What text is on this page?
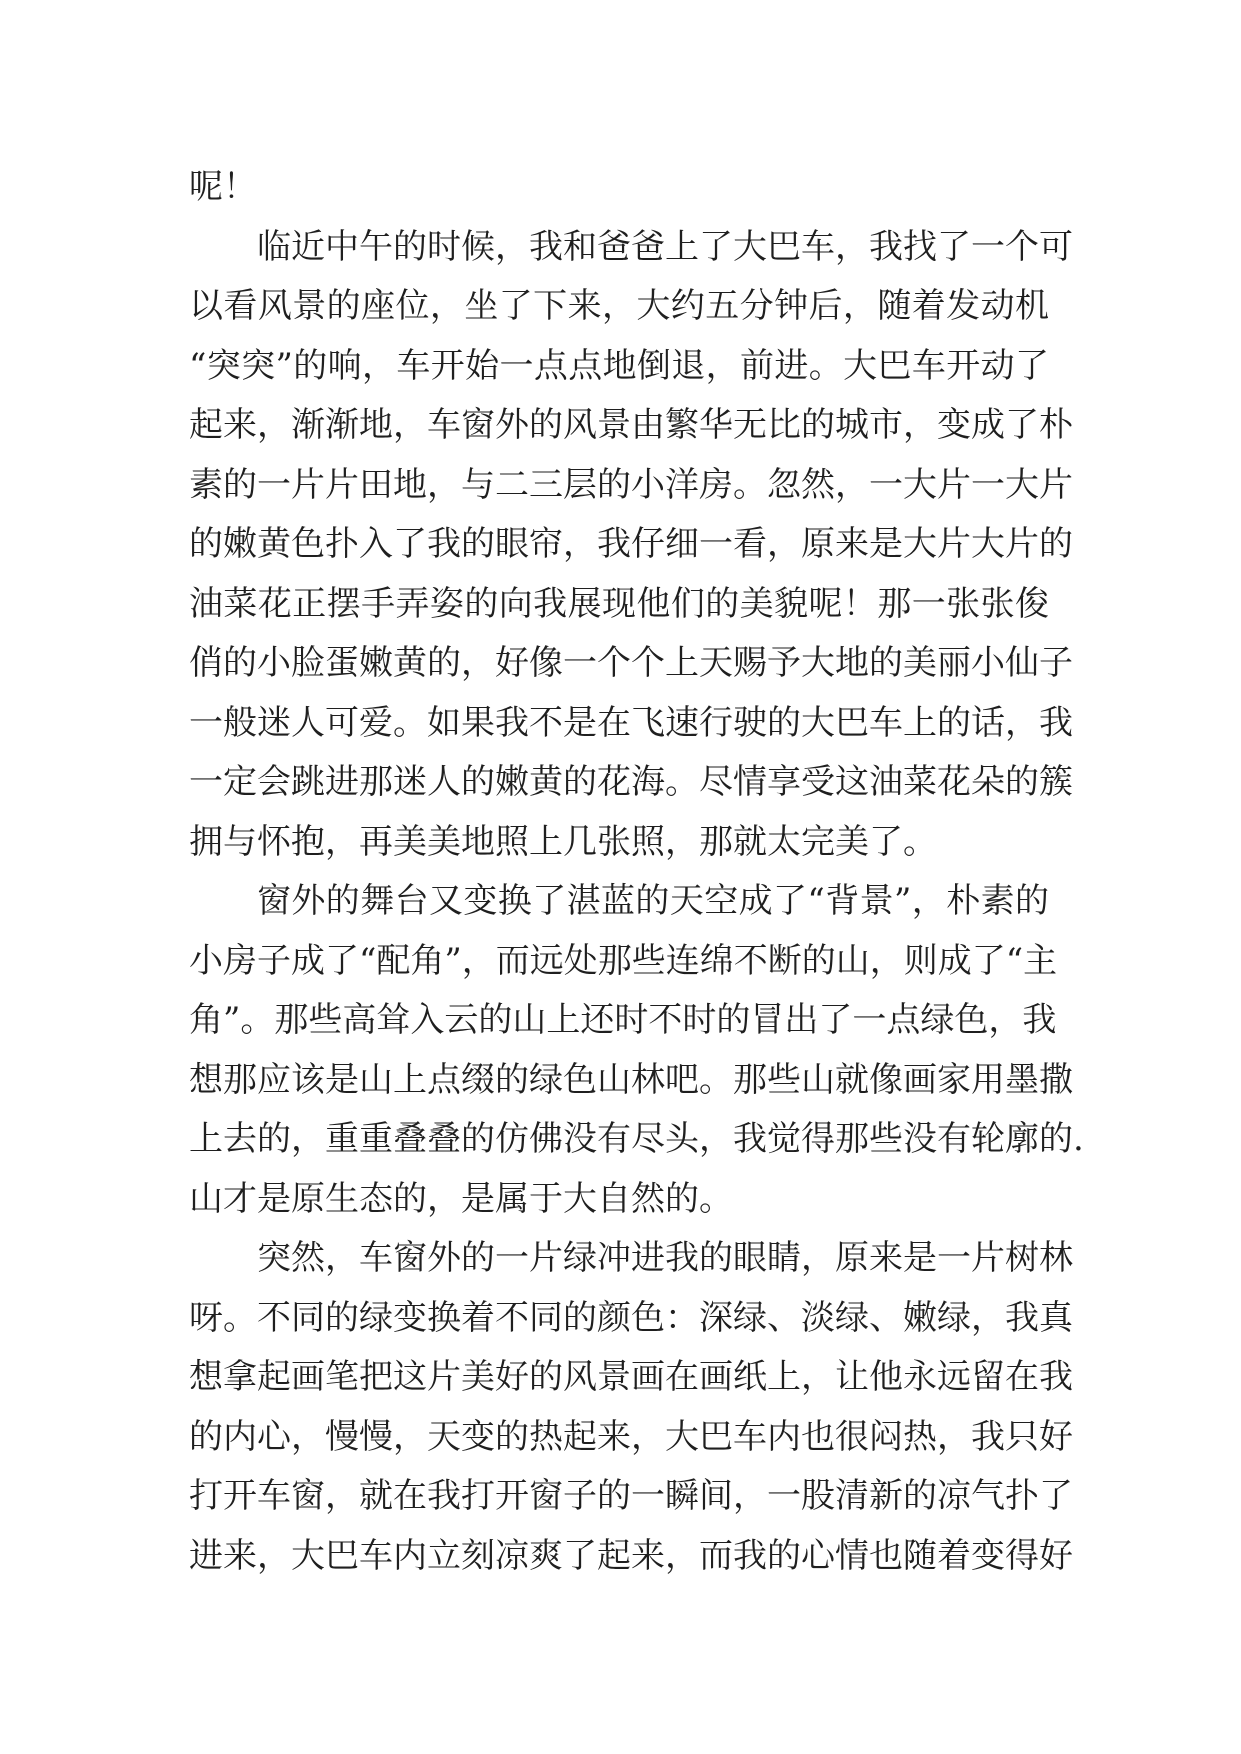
呢！
临近中午的时候，我和爸爸上了大巴车，我找了一个可
以看风景的座位，坐了下来，大约五分钟后，随着发动机
“突突”的响，车开始一点点地倒退，前进。大巴车开动了
起来，渐渐地，车窗外的风景由繁华无比的城市，变成了朴
素的一片片田地，与二三层的小洋房。忽然，一大片一大片
的嫩黄色扑入了我的眼帘，我仔细一看，原来是大片大片的
油菜花正摆手弄姿的向我展现他们的美貌呢！那一张张俊
俏的小脸蛋嫩黄的，好像一个个上天赐予大地的美丽小仙子
一般迷人可爱。如果我不是在飞速行驶的大巴车上的话，我
一定会跳进那迷人的嫩黄的花海。尽情享受这油菜花朵的簇
拥与怀抱，再美美地照上几张照，那就太完美了。
窗外的舞台又变换了湛蓝的天空成了“背景”，朴素的
小房子成了“配角”，而远处那些连绵不断的山，则成了“主
角”。那些高耸入云的山上还时不时的冒出了一点绿色，我
想那应该是山上点缀的绿色山林吧。那些山就像画家用墨撒
上去的，重重叠叠的仿佛没有尽头，我觉得那些没有轮廓的.
山才是原生态的，是属于大自然的。
突然，车窗外的一片绿冲进我的眼睛，原来是一片树林
呀。不同的绿变换着不同的颜色：深绿、淡绿、嫩绿，我真
想拿起画笔把这片美好的风景画在画纸上，让他永远留在我
的内心，慢慢，天变的热起来，大巴车内也很闷热，我只好
打开车窗，就在我打开窗子的一瞬间，一股清新的凉气扑了
进来，大巴车内立刻凉爽了起来，而我的心情也随着变得好
